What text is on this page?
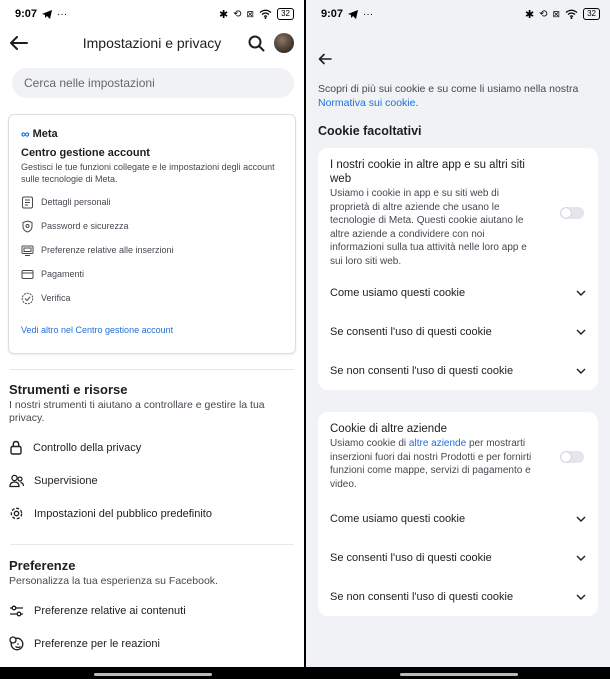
9:07 ···	✱ ⟲ ⊠	32
Impostazioni e privacy
Cerca nelle impostazioni
∞ Meta
Centro gestione account
Gestisci le tue funzioni collegate e le impostazioni degli account sulle tecnologie di Meta.
Dettagli personali
Password e sicurezza
Preferenze relative alle inserzioni
Pagamenti
Verifica
Vedi altro nel Centro gestione account
Strumenti e risorse
I nostri strumenti ti aiutano a controllare e gestire la tua privacy.
Controllo della privacy
Supervisione
Impostazioni del pubblico predefinito
Preferenze
Personalizza la tua esperienza su Facebook.
Preferenze relative ai contenuti
Preferenze per le reazioni
9:07 ···	✱ ⟲ ⊠	32
Scopri di più sui cookie e su come li usiamo nella nostra Normativa sui cookie.
Cookie facoltativi
I nostri cookie in altre app e su altri siti web
Usiamo i cookie in app e su siti web di proprietà di altre aziende che usano le tecnologie di Meta. Questi cookie aiutano le altre aziende a condividere con noi informazioni sulla tua attività nelle loro app e sui loro siti web.
Come usiamo questi cookie
Se consenti l'uso di questi cookie
Se non consenti l'uso di questi cookie
Cookie di altre aziende
Usiamo cookie di altre aziende per mostrarti inserzioni fuori dai nostri Prodotti e per fornirti funzioni come mappe, servizi di pagamento e video.
Come usiamo questi cookie
Se consenti l'uso di questi cookie
Se non consenti l'uso di questi cookie
